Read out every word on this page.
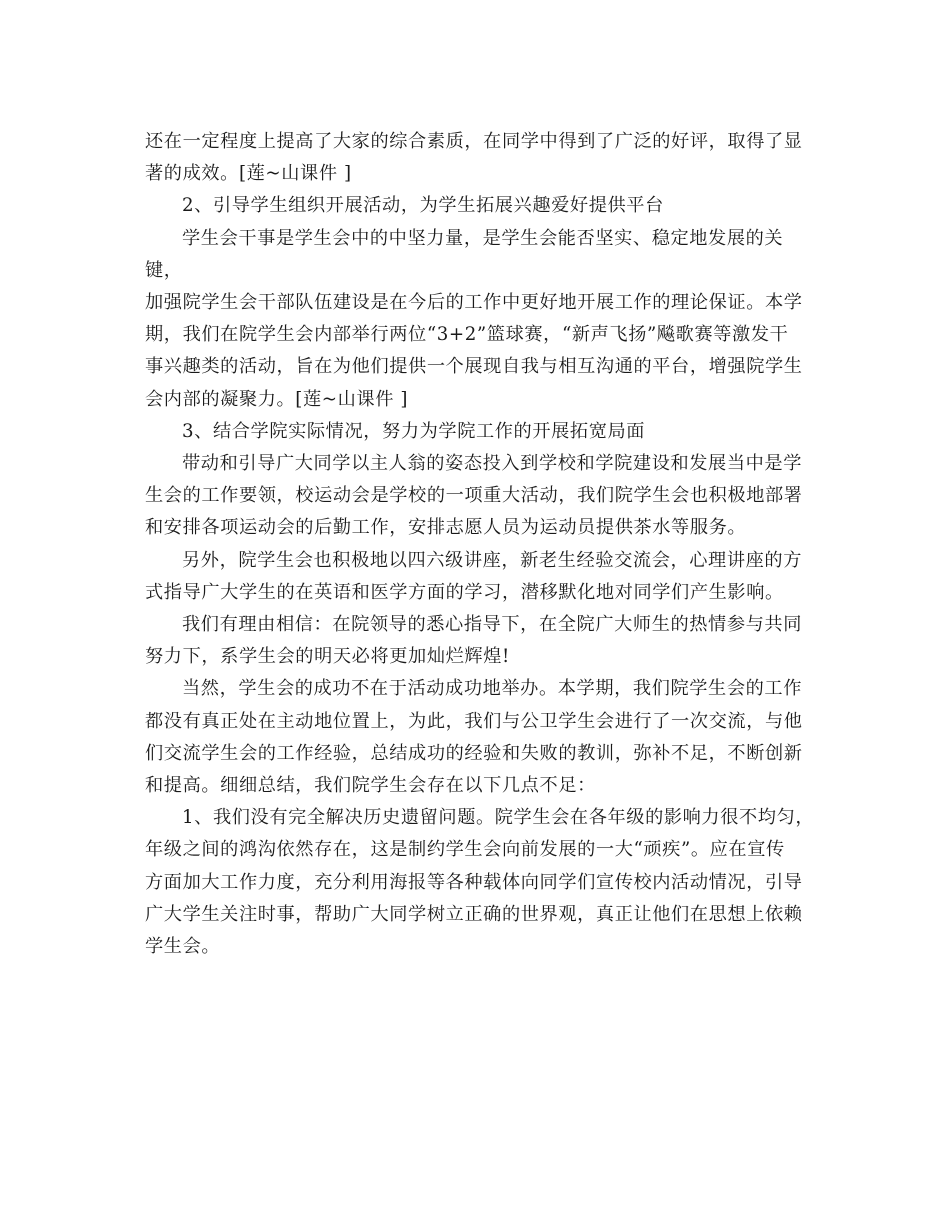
还在一定程度上提高了大家的综合素质，在同学中得到了广泛的好评，取得了显

著的成效。[莲~山课件 ]

2、引导学生组织开展活动，为学生拓展兴趣爱好提供平台

学生会干事是学生会中的中坚力量，是学生会能否坚实、稳定地发展的关键，

加强院学生会干部队伍建设是在今后的工作中更好地开展工作的理论保证。本学

期，我们在院学生会内部举行两位“3+2”篮球赛，“新声飞扬”飚歌赛等激发干

事兴趣类的活动，旨在为他们提供一个展现自我与相互沟通的平台，增强院学生

会内部的凝聚力。[莲~山课件 ]

3、结合学院实际情况，努力为学院工作的开展拓宽局面

带动和引导广大同学以主人翁的姿态投入到学校和学院建设和发展当中是学

生会的工作要领，校运动会是学校的一项重大活动，我们院学生会也积极地部署

和安排各项运动会的后勤工作，安排志愿人员为运动员提供茶水等服务。

另外，院学生会也积极地以四六级讲座，新老生经验交流会，心理讲座的方

式指导广大学生的在英语和医学方面的学习，潜移默化地对同学们产生影响。

我们有理由相信：在院领导的悉心指导下，在全院广大师生的热情参与共同

努力下，系学生会的明天必将更加灿烂辉煌!

当然，学生会的成功不在于活动成功地举办。本学期，我们院学生会的工作

都没有真正处在主动地位置上，为此，我们与公卫学生会进行了一次交流，与他

们交流学生会的工作经验，总结成功的经验和失败的教训，弥补不足，不断创新

和提高。细细总结，我们院学生会存在以下几点不足：

1、我们没有完全解决历史遗留问题。院学生会在各年级的影响力很不均匀，

年级之间的鸿沟依然存在，这是制约学生会向前发展的一大“顽疾”。应在宣传

方面加大工作力度，充分利用海报等各种载体向同学们宣传校内活动情况，引导

广大学生关注时事，帮助广大同学树立正确的世界观，真正让他们在思想上依赖

学生会。
